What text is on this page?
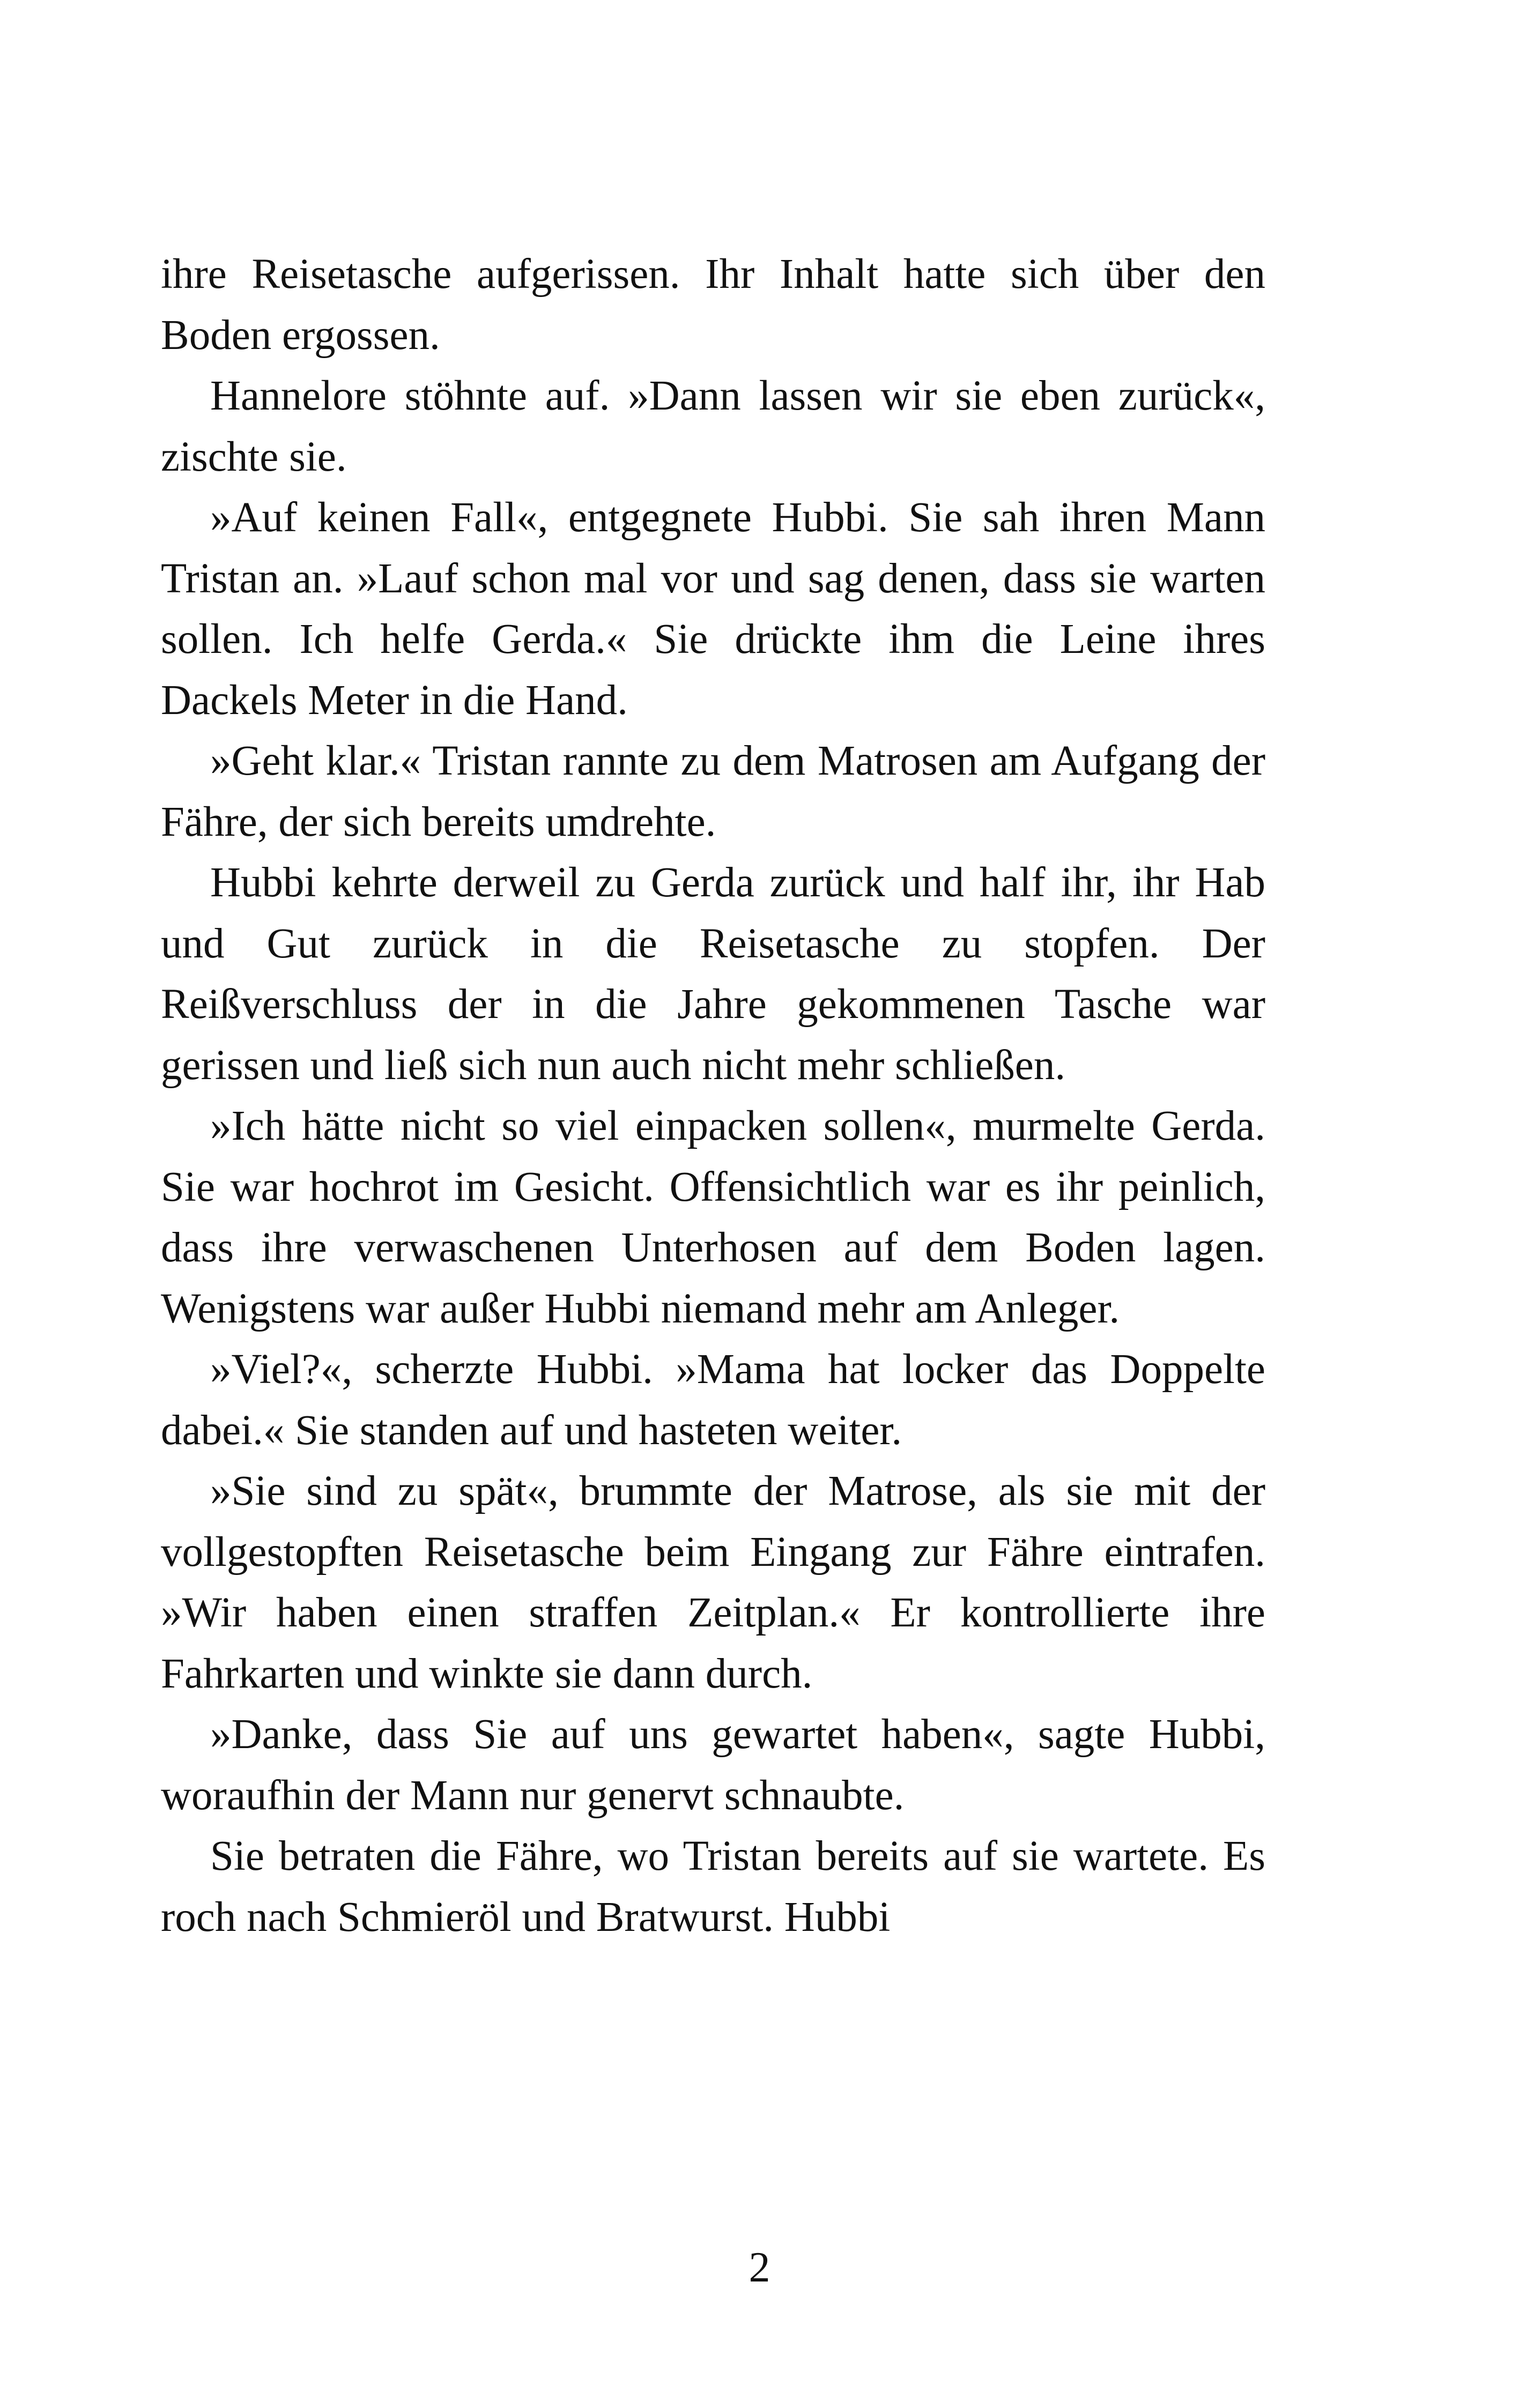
ihre Reisetasche aufgerissen. Ihr Inhalt hatte sich über den Boden ergossen.

Hannelore stöhnte auf. »Dann lassen wir sie eben zurück«, zischte sie.

»Auf keinen Fall«, entgegnete Hubbi. Sie sah ihren Mann Tristan an. »Lauf schon mal vor und sag denen, dass sie warten sollen. Ich helfe Gerda.« Sie drückte ihm die Leine ihres Dackels Meter in die Hand.

»Geht klar.« Tristan rannte zu dem Matrosen am Aufgang der Fähre, der sich bereits umdrehte.

Hubbi kehrte derweil zu Gerda zurück und half ihr, ihr Hab und Gut zurück in die Reisetasche zu stopfen. Der Reißverschluss der in die Jahre gekommenen Tasche war gerissen und ließ sich nun auch nicht mehr schließen.

»Ich hätte nicht so viel einpacken sollen«, murmelte Gerda. Sie war hochrot im Gesicht. Offensichtlich war es ihr peinlich, dass ihre verwaschenen Unterhosen auf dem Boden lagen. Wenigstens war außer Hubbi niemand mehr am Anleger.

»Viel?«, scherzte Hubbi. »Mama hat locker das Doppelte dabei.« Sie standen auf und hasteten weiter.

»Sie sind zu spät«, brummte der Matrose, als sie mit der vollgestopften Reisetasche beim Eingang zur Fähre eintrafen. »Wir haben einen straffen Zeitplan.« Er kontrollierte ihre Fahrkarten und winkte sie dann durch.

»Danke, dass Sie auf uns gewartet haben«, sagte Hubbi, woraufhin der Mann nur genervt schnaubte.

Sie betraten die Fähre, wo Tristan bereits auf sie wartete. Es roch nach Schmieröl und Bratwurst. Hubbi

2
